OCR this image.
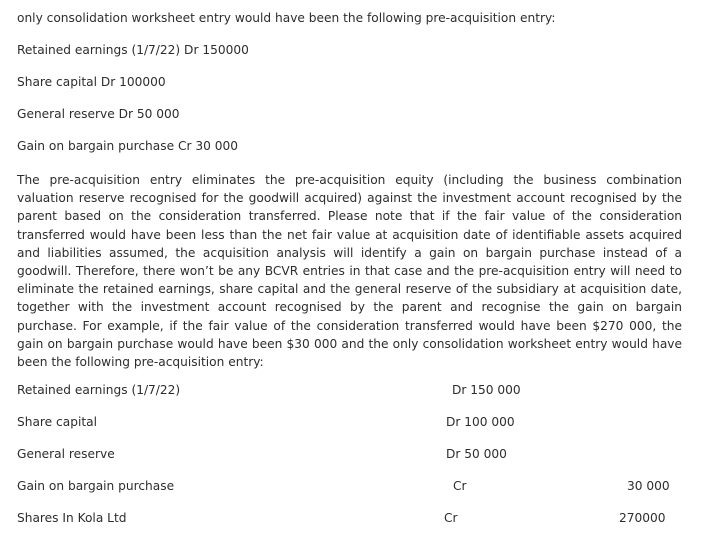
only consolidation worksheet entry would have been the following pre-acquisition entry:
Retained earnings (1/7/22) Dr 150000
Share capital Dr 100000
General reserve Dr 50 000
Gain on bargain purchase Cr 30 000
The pre-acquisition entry eliminates the pre-acquisition equity (including the business combination valuation reserve recognised for the goodwill acquired) against the investment account recognised by the parent based on the consideration transferred. Please note that if the fair value of the consideration transferred would have been less than the net fair value at acquisition date of identifiable assets acquired and liabilities assumed, the acquisition analysis will identify a gain on bargain purchase instead of a goodwill. Therefore, there won’t be any BCVR entries in that case and the pre-acquisition entry will need to eliminate the retained earnings, share capital and the general reserve of the subsidiary at acquisition date, together with the investment account recognised by the parent and recognise the gain on bargain purchase. For example, if the fair value of the consideration transferred would have been $270 000, the gain on bargain purchase would have been $30 000 and the only consolidation worksheet entry would have been the following pre-acquisition entry:
Retained earnings (1/7/22)	Dr 150 000
Share capital	Dr 100 000
General reserve	Dr 50 000
Gain on bargain purchase	Cr	30 000
Shares In Kola Ltd	Cr	270000
